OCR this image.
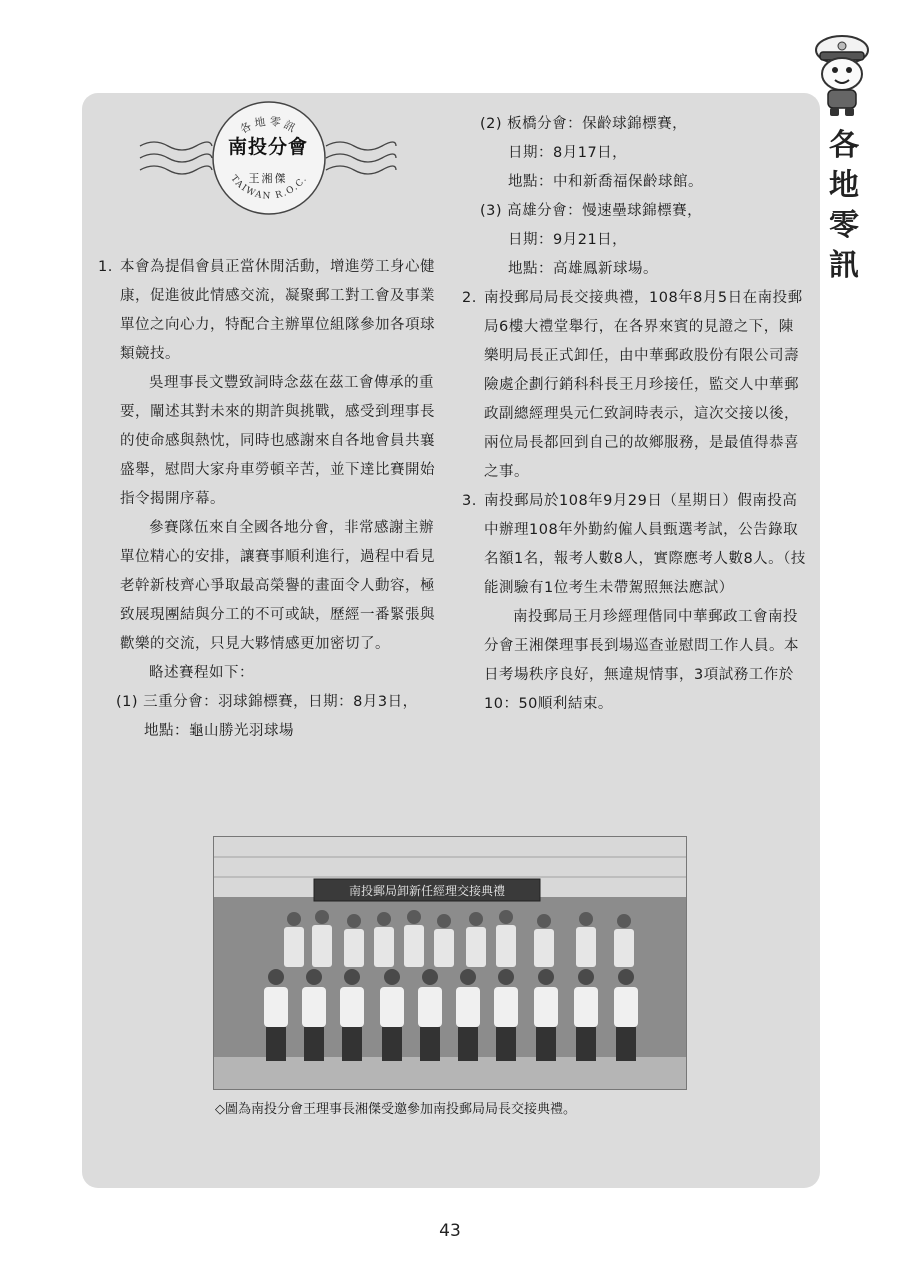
各
地
零
訊
各地零訊
TAIWAN R.O.C.
南投分會
王湘傑
1. 本會為提倡會員正當休閒活動，增進勞工身心健康，促進彼此情感交流，凝聚郵工對工會及事業單位之向心力，特配合主辦單位組隊參加各項球類競技。

吳理事長文豐致詞時念茲在茲工會傳承的重要，闡述其對未來的期許與挑戰，感受到理事長的使命感與熱忱，同時也感謝來自各地會員共襄盛舉，慰問大家舟車勞頓辛苦，並下達比賽開始指令揭開序幕。

參賽隊伍來自全國各地分會，非常感謝主辦單位精心的安排，讓賽事順利進行，過程中看見老幹新枝齊心爭取最高榮譽的畫面令人動容，極致展現團結與分工的不可或缺，歷經一番緊張與歡樂的交流，只見大夥情感更加密切了。

略述賽程如下：

(1) 三重分會：羽球錦標賽，日期：8月3日，

地點：龜山勝光羽球場

(2) 板橋分會：保齡球錦標賽，

日期：8月17日，

地點：中和新喬福保齡球館。

(3) 高雄分會：慢速壘球錦標賽，

日期：9月21日，

地點：高雄鳳新球場。

2. 南投郵局局長交接典禮，108年8月5日在南投郵局6樓大禮堂舉行，在各界來賓的見證之下，陳樂明局長正式卸任，由中華郵政股份有限公司壽險處企劃行銷科科長王月珍接任，監交人中華郵政副總經理吳元仁致詞時表示，這次交接以後，兩位局長都回到自己的故鄉服務，是最值得恭喜之事。

3. 南投郵局於108年9月29日（星期日）假南投高中辦理108年外勤約僱人員甄選考試，公告錄取名額1名，報考人數8人，實際應考人數8人。（技能測驗有1位考生未帶駕照無法應試）

南投郵局王月珍經理偕同中華郵政工會南投分會王湘傑理事長到場巡查並慰問工作人員。本日考場秩序良好，無違規情事，3項試務工作於10：50順利結束。

南投郵局卸新任經理交接典禮
◇圖為南投分會王理事長湘傑受邀參加南投郵局局長交接典禮。
43
